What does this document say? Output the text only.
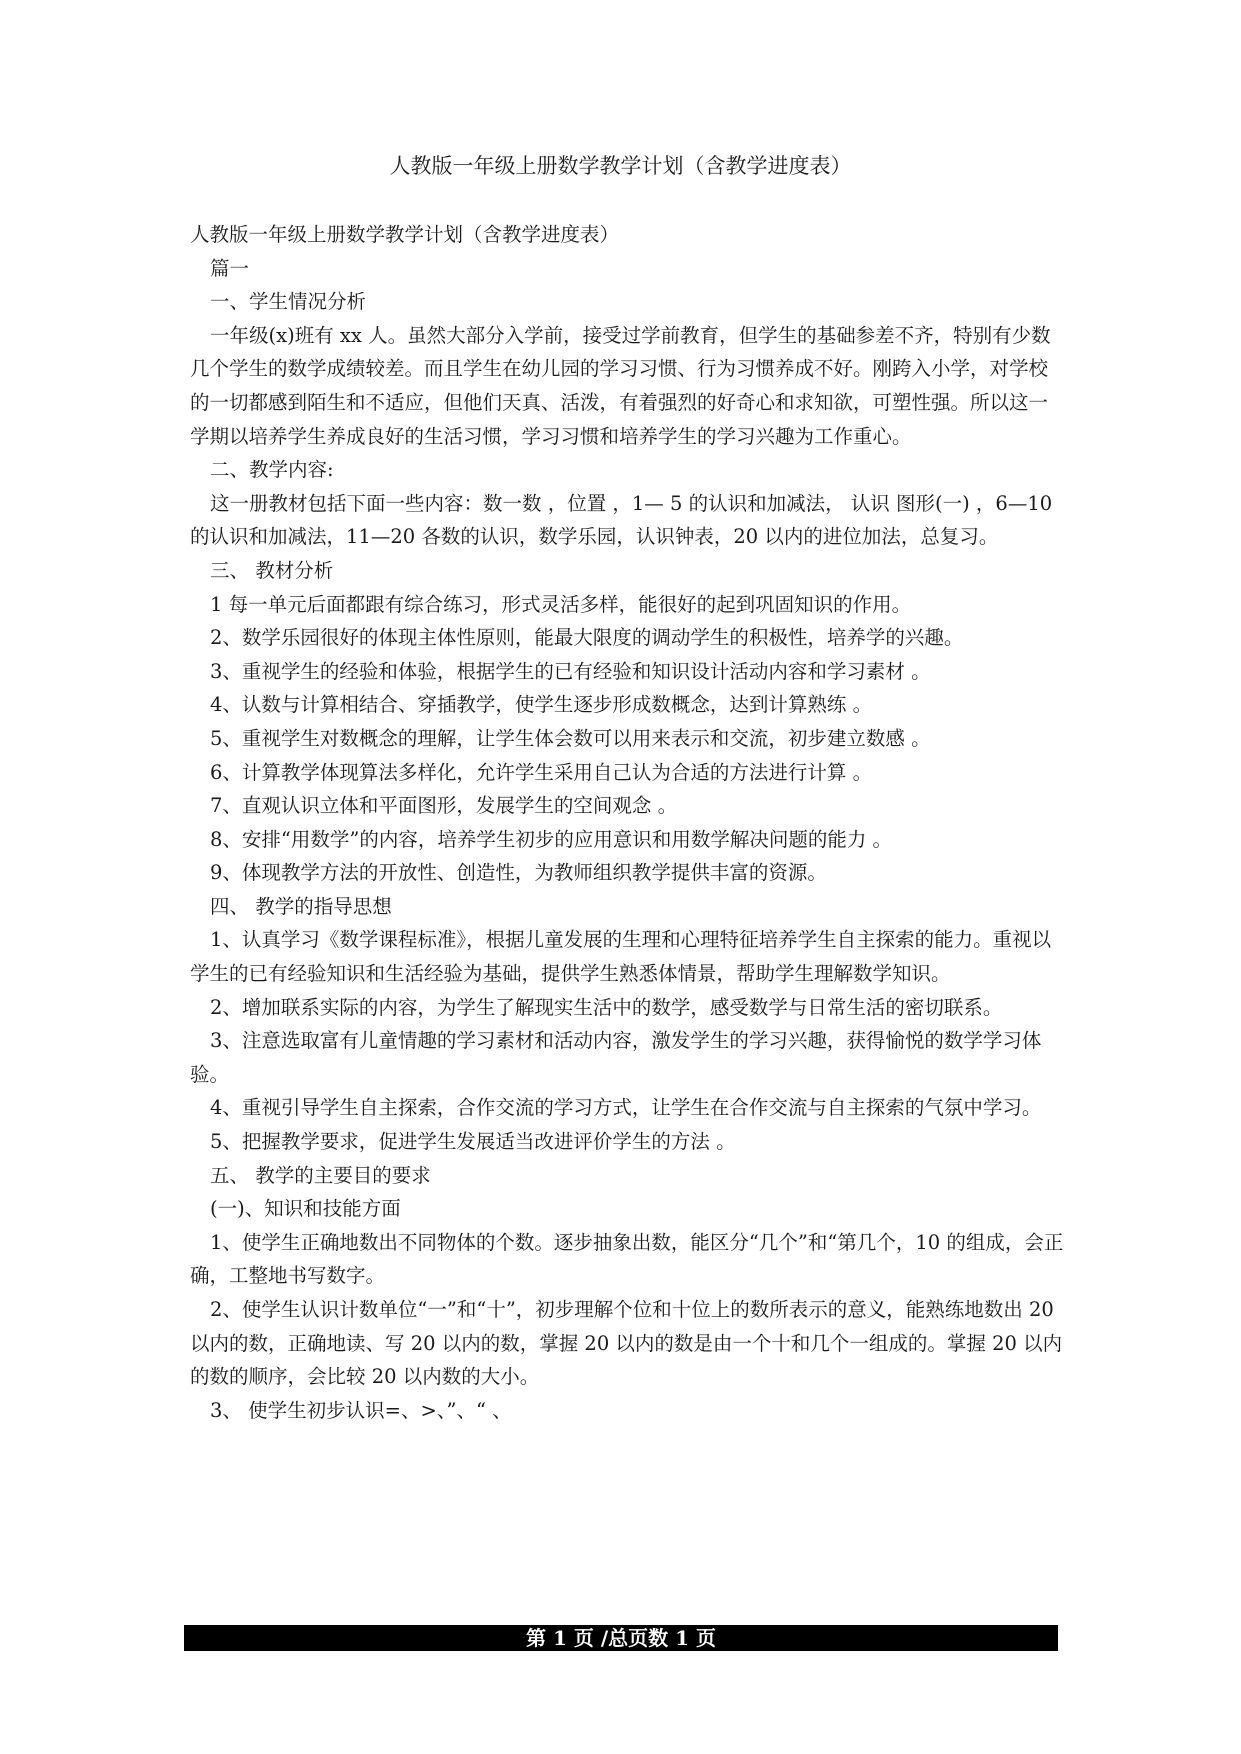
人教版一年级上册数学教学计划（含教学进度表）

人教版一年级上册数学教学计划（含教学进度表）

篇一

一、学生情况分析

一年级(x)班有 xx 人。虽然大部分入学前，接受过学前教育，但学生的基础参差不齐，特别有少数几个学生的数学成绩较差。而且学生在幼儿园的学习习惯、行为习惯养成不好。刚跨入小学，对学校的一切都感到陌生和不适应，但他们天真、活泼，有着强烈的好奇心和求知欲，可塑性强。所以这一学期以培养学生养成良好的生活习惯，学习习惯和培养学生的学习兴趣为工作重心。

二、教学内容:

这一册教材包括下面一些内容：数一数 ，位置 ，1— 5 的认识和加减法， 认识 图形(一) ，6—10 的认识和加减法，11—20 各数的认识，数学乐园，认识钟表，20 以内的进位加法，总复习。

三、 教材分析

1 每一单元后面都跟有综合练习，形式灵活多样，能很好的起到巩固知识的作用。

2、数学乐园很好的体现主体性原则，能最大限度的调动学生的积极性，培养学的兴趣。

3、重视学生的经验和体验，根据学生的已有经验和知识设计活动内容和学习素材 。

4、认数与计算相结合、穿插教学，使学生逐步形成数概念，达到计算熟练 。

5、重视学生对数概念的理解，让学生体会数可以用来表示和交流，初步建立数感 。

6、计算教学体现算法多样化，允许学生采用自己认为合适的方法进行计算 。

7、直观认识立体和平面图形，发展学生的空间观念 。

8、安排“用数学”的内容，培养学生初步的应用意识和用数学解决问题的能力 。

9、体现教学方法的开放性、创造性，为教师组织教学提供丰富的资源。

四、 教学的指导思想

1、认真学习《数学课程标准》，根据儿童发展的生理和心理特征培养学生自主探索的能力。重视以学生的已有经验知识和生活经验为基础，提供学生熟悉体情景，帮助学生理解数学知识。

2、增加联系实际的内容，为学生了解现实生活中的数学，感受数学与日常生活的密切联系。

3、注意选取富有儿童情趣的学习素材和活动内容，激发学生的学习兴趣，获得愉悦的数学学习体验。

4、重视引导学生自主探索，合作交流的学习方式，让学生在合作交流与自主探索的气氛中学习。

5、把握教学要求，促进学生发展适当改进评价学生的方法 。

五、 教学的主要目的要求

(一)、知识和技能方面

1、使学生正确地数出不同物体的个数。逐步抽象出数，能区分“几个”和“第几个，10 的组成，会正确，工整地书写数字。

2、使学生认识计数单位“一”和“十”，初步理解个位和十位上的数所表示的意义，能熟练地数出 20 以内的数，正确地读、写 20 以内的数，掌握 20 以内的数是由一个十和几个一组成的。掌握 20 以内的数的顺序，会比较 20 以内数的大小。

3、 使学生初步认识=、>、”、“ 、

第 1 页 /总页数 1 页
